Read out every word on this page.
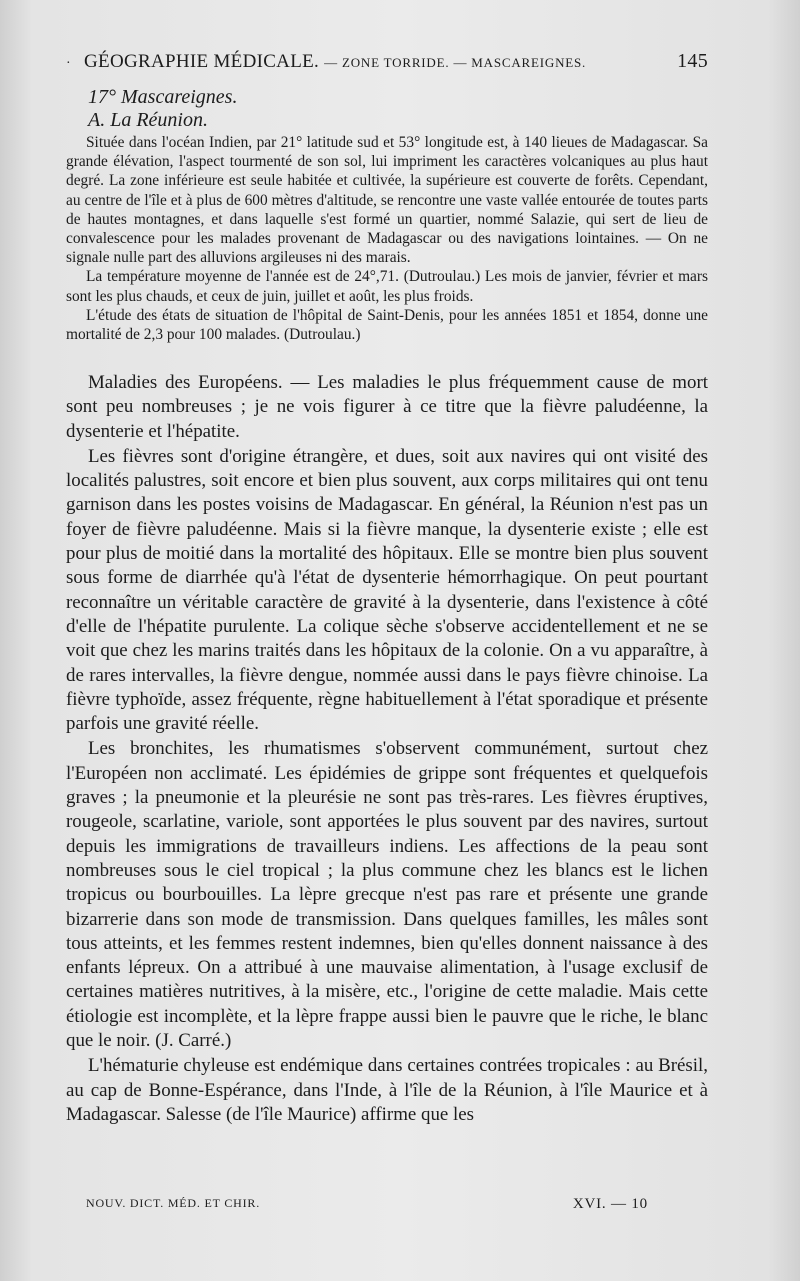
· GÉOGRAPHIE MÉDICALE. — ZONE TORRIDE. — MASCAREIGNES.	145
17° Mascareignes.
A. La Réunion.

Située dans l'océan Indien, par 21° latitude sud et 53° longitude est, à 140 lieues de Madagascar. Sa grande élévation, l'aspect tourmenté de son sol, lui impriment les caractères volcaniques au plus haut degré. La zone inférieure est seule habitée et cultivée, la supérieure est couverte de forêts. Cependant, au centre de l'île et à plus de 600 mètres d'altitude, se rencontre une vaste vallée entourée de toutes parts de hautes montagnes, et dans laquelle s'est formé un quartier, nommé Salazie, qui sert de lieu de convalescence pour les malades provenant de Madagascar ou des navigations lointaines. — On ne signale nulle part des alluvions argileuses ni des marais.

La température moyenne de l'année est de 24°,71. (Dutroulau.) Les mois de janvier, février et mars sont les plus chauds, et ceux de juin, juillet et août, les plus froids.

L'étude des états de situation de l'hôpital de Saint-Denis, pour les années 1851 et 1854, donne une mortalité de 2,3 pour 100 malades. (Dutroulau.)

Maladies des Européens. — Les maladies le plus fréquemment cause de mort sont peu nombreuses ; je ne vois figurer à ce titre que la fièvre paludéenne, la dysenterie et l'hépatite.

Les fièvres sont d'origine étrangère, et dues, soit aux navires qui ont visité des localités palustres, soit encore et bien plus souvent, aux corps militaires qui ont tenu garnison dans les postes voisins de Madagascar. En général, la Réunion n'est pas un foyer de fièvre paludéenne. Mais si la fièvre manque, la dysenterie existe ; elle est pour plus de moitié dans la mortalité des hôpitaux. Elle se montre bien plus souvent sous forme de diarrhée qu'à l'état de dysenterie hémorrhagique. On peut pourtant reconnaître un véritable caractère de gravité à la dysenterie, dans l'existence à côté d'elle de l'hépatite purulente. La colique sèche s'observe accidentellement et ne se voit que chez les marins traités dans les hôpitaux de la colonie. On a vu apparaître, à de rares intervalles, la fièvre dengue, nommée aussi dans le pays fièvre chinoise. La fièvre typhoïde, assez fréquente, règne habituellement à l'état sporadique et présente parfois une gravité réelle.

Les bronchites, les rhumatismes s'observent communément, surtout chez l'Européen non acclimaté. Les épidémies de grippe sont fréquentes et quelquefois graves ; la pneumonie et la pleurésie ne sont pas très-rares. Les fièvres éruptives, rougeole, scarlatine, variole, sont apportées le plus souvent par des navires, surtout depuis les immigrations de travailleurs indiens. Les affections de la peau sont nombreuses sous le ciel tropical ; la plus commune chez les blancs est le lichen tropicus ou bourbouilles. La lèpre grecque n'est pas rare et présente une grande bizarrerie dans son mode de transmission. Dans quelques familles, les mâles sont tous atteints, et les femmes restent indemnes, bien qu'elles donnent naissance à des enfants lépreux. On a attribué à une mauvaise alimentation, à l'usage exclusif de certaines matières nutritives, à la misère, etc., l'origine de cette maladie. Mais cette étiologie est incomplète, et la lèpre frappe aussi bien le pauvre que le riche, le blanc que le noir. (J. Carré.)

L'hématurie chyleuse est endémique dans certaines contrées tropicales : au Brésil, au cap de Bonne-Espérance, dans l'Inde, à l'île de la Réunion, à l'île Maurice et à Madagascar. Salesse (de l'île Maurice) affirme que les

NOUV. DICT. MÉD. ET CHIR.	XVI. — 10
